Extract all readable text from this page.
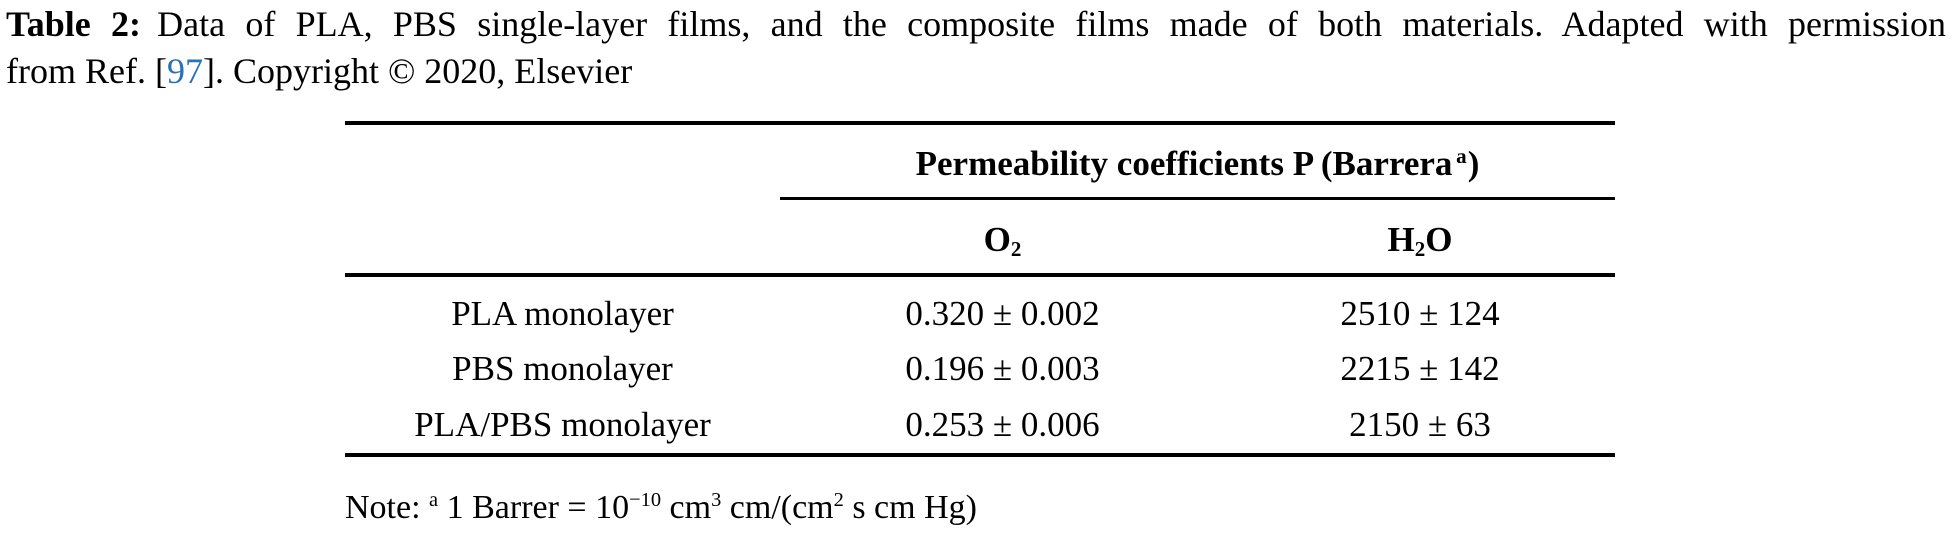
Table 2: Data of PLA, PBS single-layer films, and the composite films made of both materials. Adapted with permission
from Ref. [97]. Copyright © 2020, Elsevier
	Permeability coefficients P (Barrera $^a$)	
	O2	H2O
PLA monolayer	0.320 ± 0.002	2510 ± 124
PBS monolayer	0.196 ± 0.003	2215 ± 142
PLA/PBS monolayer	0.253 ± 0.006	2150 ± 63
Note: $^a$ 1 Barrer = $10^{-10}$ $cm^3$ $cm/(cm^2$ s cm Hg)
